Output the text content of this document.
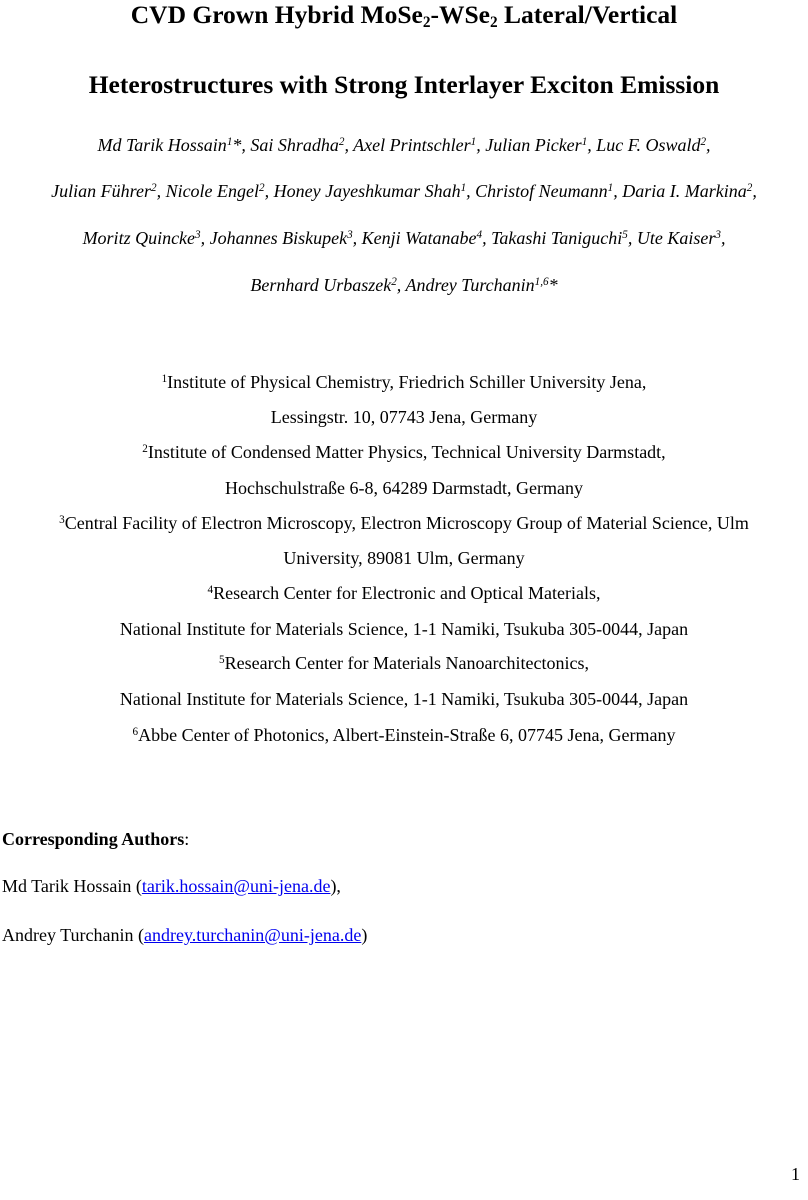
CVD Grown Hybrid MoSe$_2$-WSe$_2$ Lateral/Vertical
Heterostructures with Strong Interlayer Exciton Emission
Md Tarik Hossain$^1$*, Sai Shradha$^2$, Axel Printschler$^1$, Julian Picker$^1$, Luc F. Oswald$^2$,
Julian Führer$^2$, Nicole Engel$^2$, Honey Jayeshkumar Shah$^1$, Christof Neumann$^1$, Daria I. Markina$^2$,
Moritz Quincke$^3$, Johannes Biskupek$^3$, Kenji Watanabe$^4$, Takashi Taniguchi$^5$, Ute Kaiser$^3$,
Bernhard Urbaszek$^2$, Andrey Turchanin$^{1,6}$*
$^1$Institute of Physical Chemistry, Friedrich Schiller University Jena,
Lessingstr. 10, 07743 Jena, Germany
$^2$Institute of Condensed Matter Physics, Technical University Darmstadt,
Hochschulstraße 6-8, 64289 Darmstadt, Germany
$^3$Central Facility of Electron Microscopy, Electron Microscopy Group of Material Science, Ulm
University, 89081 Ulm, Germany
$^4$Research Center for Electronic and Optical Materials,
National Institute for Materials Science, 1-1 Namiki, Tsukuba 305-0044, Japan
$^5$Research Center for Materials Nanoarchitectonics,
National Institute for Materials Science, 1-1 Namiki, Tsukuba 305-0044, Japan
$^6$Abbe Center of Photonics, Albert-Einstein-Straße 6, 07745 Jena, Germany
Corresponding Authors:
Md Tarik Hossain (tarik.hossain@uni-jena.de),
Andrey Turchanin (andrey.turchanin@uni-jena.de)
1
